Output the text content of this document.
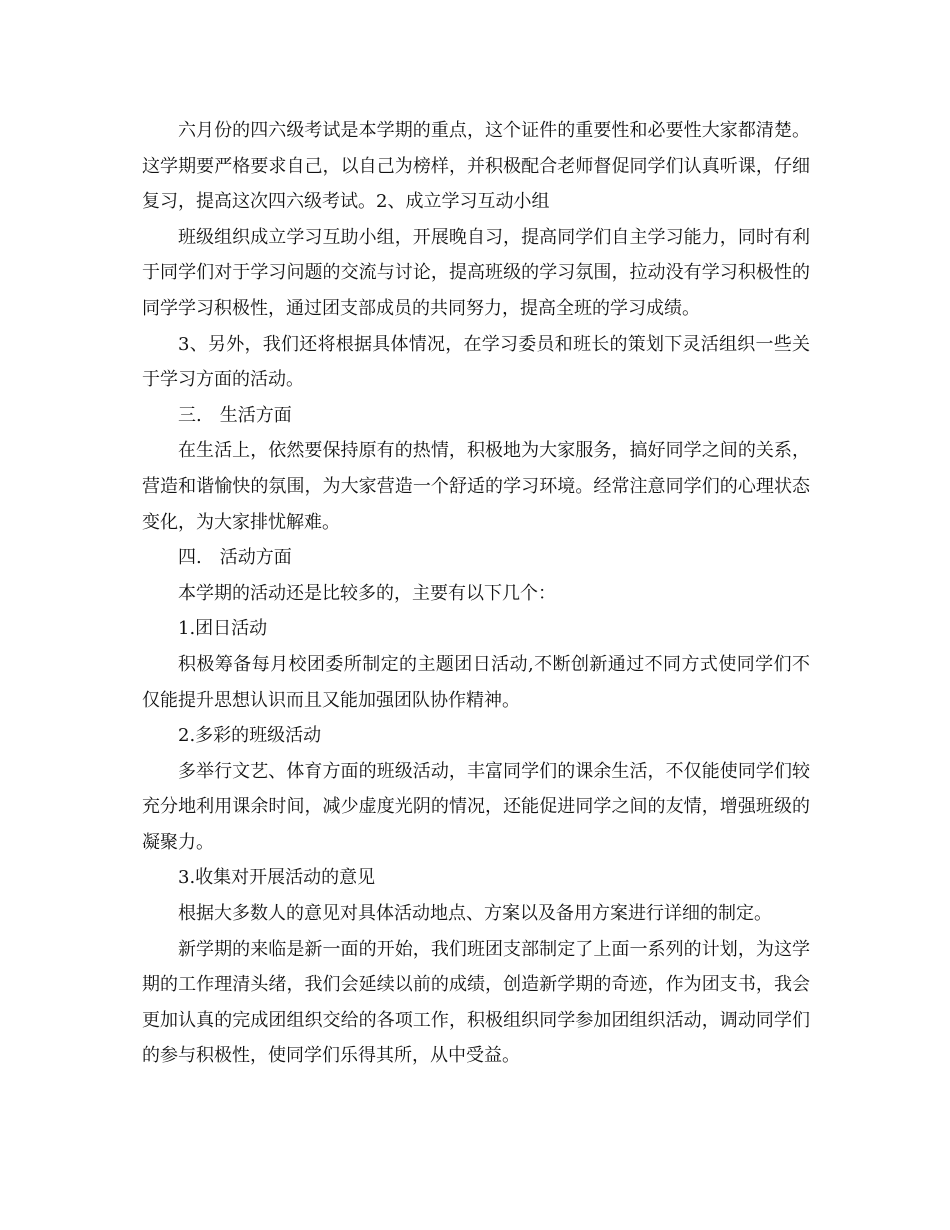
六月份的四六级考试是本学期的重点，这个证件的重要性和必要性大家都清楚。这学期要严格要求自己，以自己为榜样，并积极配合老师督促同学们认真听课，仔细复习，提高这次四六级考试。2、成立学习互动小组

班级组织成立学习互助小组，开展晚自习，提高同学们自主学习能力，同时有利于同学们对于学习问题的交流与讨论，提高班级的学习氛围，拉动没有学习积极性的同学学习积极性，通过团支部成员的共同努力，提高全班的学习成绩。

3、另外，我们还将根据具体情况，在学习委员和班长的策划下灵活组织一些关于学习方面的活动。

三.　生活方面

在生活上，依然要保持原有的热情，积极地为大家服务，搞好同学之间的关系，营造和谐愉快的氛围，为大家营造一个舒适的学习环境。经常注意同学们的心理状态变化，为大家排忧解难。

四.　活动方面

本学期的活动还是比较多的，主要有以下几个：

1.团日活动

积极筹备每月校团委所制定的主题团日活动,不断创新通过不同方式使同学们不仅能提升思想认识而且又能加强团队协作精神。

2.多彩的班级活动

多举行文艺、体育方面的班级活动，丰富同学们的课余生活，不仅能使同学们较充分地利用课余时间，减少虚度光阴的情况，还能促进同学之间的友情，增强班级的凝聚力。

3.收集对开展活动的意见

根据大多数人的意见对具体活动地点、方案以及备用方案进行详细的制定。

新学期的来临是新一面的开始，我们班团支部制定了上面一系列的计划，为这学期的工作理清头绪，我们会延续以前的成绩，创造新学期的奇迹，作为团支书，我会更加认真的完成团组织交给的各项工作，积极组织同学参加团组织活动，调动同学们的参与积极性，使同学们乐得其所，从中受益。
